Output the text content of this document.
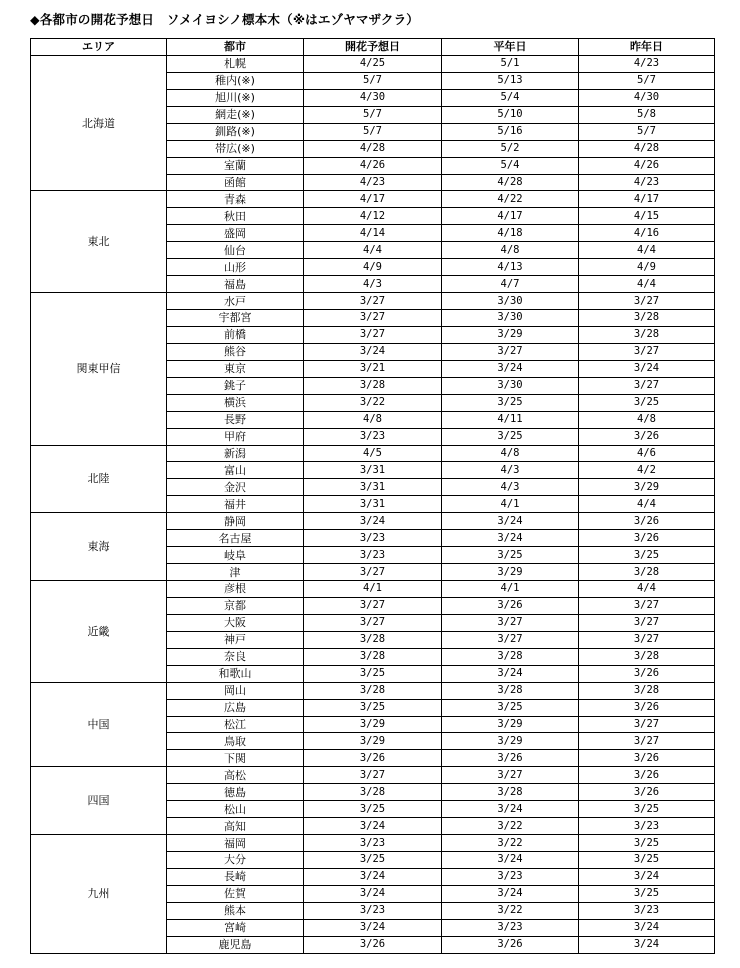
◆各都市の開花予想日　ソメイヨシノ標本木（※はエゾヤマザクラ）
エリア	都市	開花予想日	平年日	昨年日
北海道	札幌	4/25	5/1	4/23
	稚内(※)	5/7	5/13	5/7
	旭川(※)	4/30	5/4	4/30
	網走(※)	5/7	5/10	5/8
	釧路(※)	5/7	5/16	5/7
	帯広(※)	4/28	5/2	4/28
	室蘭	4/26	5/4	4/26
	函館	4/23	4/28	4/23
東北	青森	4/17	4/22	4/17
	秋田	4/12	4/17	4/15
	盛岡	4/14	4/18	4/16
	仙台	4/4	4/8	4/4
	山形	4/9	4/13	4/9
	福島	4/3	4/7	4/4
関東甲信	水戸	3/27	3/30	3/27
	宇都宮	3/27	3/30	3/28
	前橋	3/27	3/29	3/28
	熊谷	3/24	3/27	3/27
	東京	3/21	3/24	3/24
	銚子	3/28	3/30	3/27
	横浜	3/22	3/25	3/25
	長野	4/8	4/11	4/8
	甲府	3/23	3/25	3/26
北陸	新潟	4/5	4/8	4/6
	富山	3/31	4/3	4/2
	金沢	3/31	4/3	3/29
	福井	3/31	4/1	4/4
東海	静岡	3/24	3/24	3/26
	名古屋	3/23	3/24	3/26
	岐阜	3/23	3/25	3/25
	津	3/27	3/29	3/28
近畿	彦根	4/1	4/1	4/4
	京都	3/27	3/26	3/27
	大阪	3/27	3/27	3/27
	神戸	3/28	3/27	3/27
	奈良	3/28	3/28	3/28
	和歌山	3/25	3/24	3/26
中国	岡山	3/28	3/28	3/28
	広島	3/25	3/25	3/26
	松江	3/29	3/29	3/27
	鳥取	3/29	3/29	3/27
	下関	3/26	3/26	3/26
四国	高松	3/27	3/27	3/26
	徳島	3/28	3/28	3/26
	松山	3/25	3/24	3/25
	高知	3/24	3/22	3/23
九州	福岡	3/23	3/22	3/25
	大分	3/25	3/24	3/25
	長崎	3/24	3/23	3/24
	佐賀	3/24	3/24	3/25
	熊本	3/23	3/22	3/23
	宮崎	3/24	3/23	3/24
	鹿児島	3/26	3/26	3/24
